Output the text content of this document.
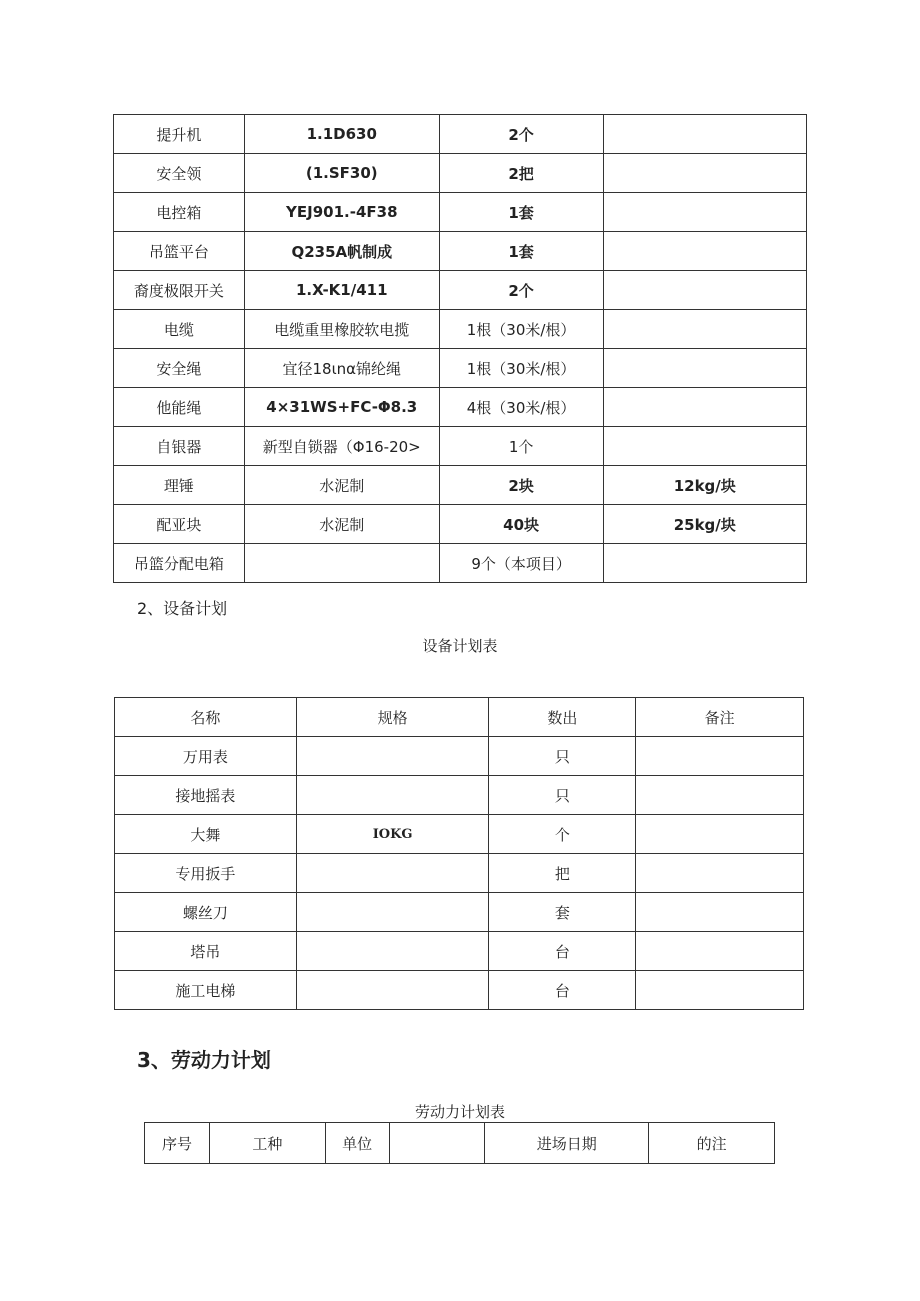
提升机	1.1D630	2个	
安全领	(1.SF30)	2把	
电控箱	YEJ901.-4F38	1套	
吊篮平台	Q235A帆制成	1套	
裔度极限开关	1.X-K1/411	2个	
电缆	电缆重里橡胶软电揽	1根（30米/根）	
安全绳	宜径18ιnα锦纶绳	1根（30米/根）	
他能绳	4×31WS+FC-Φ8.3	4根（30米/根）	
自银器	新型自锁器（Φ16-20>	1个	
理锤	水泥制	2块	12kg/块
配亚块	水泥制	40块	25kg/块
吊篮分配电箱		9个（本项目）	
2、设备计划
设备计划表
名称	规格	数出	备注
万用表		只	
接地摇表		只	
大舞	IOKG	个	
专用扳手		把	
螺丝刀		套	
塔吊		台	
施工电梯		台	
3、劳动力计划
劳动力计划表
序号	工种	单位		进场日期	的注
